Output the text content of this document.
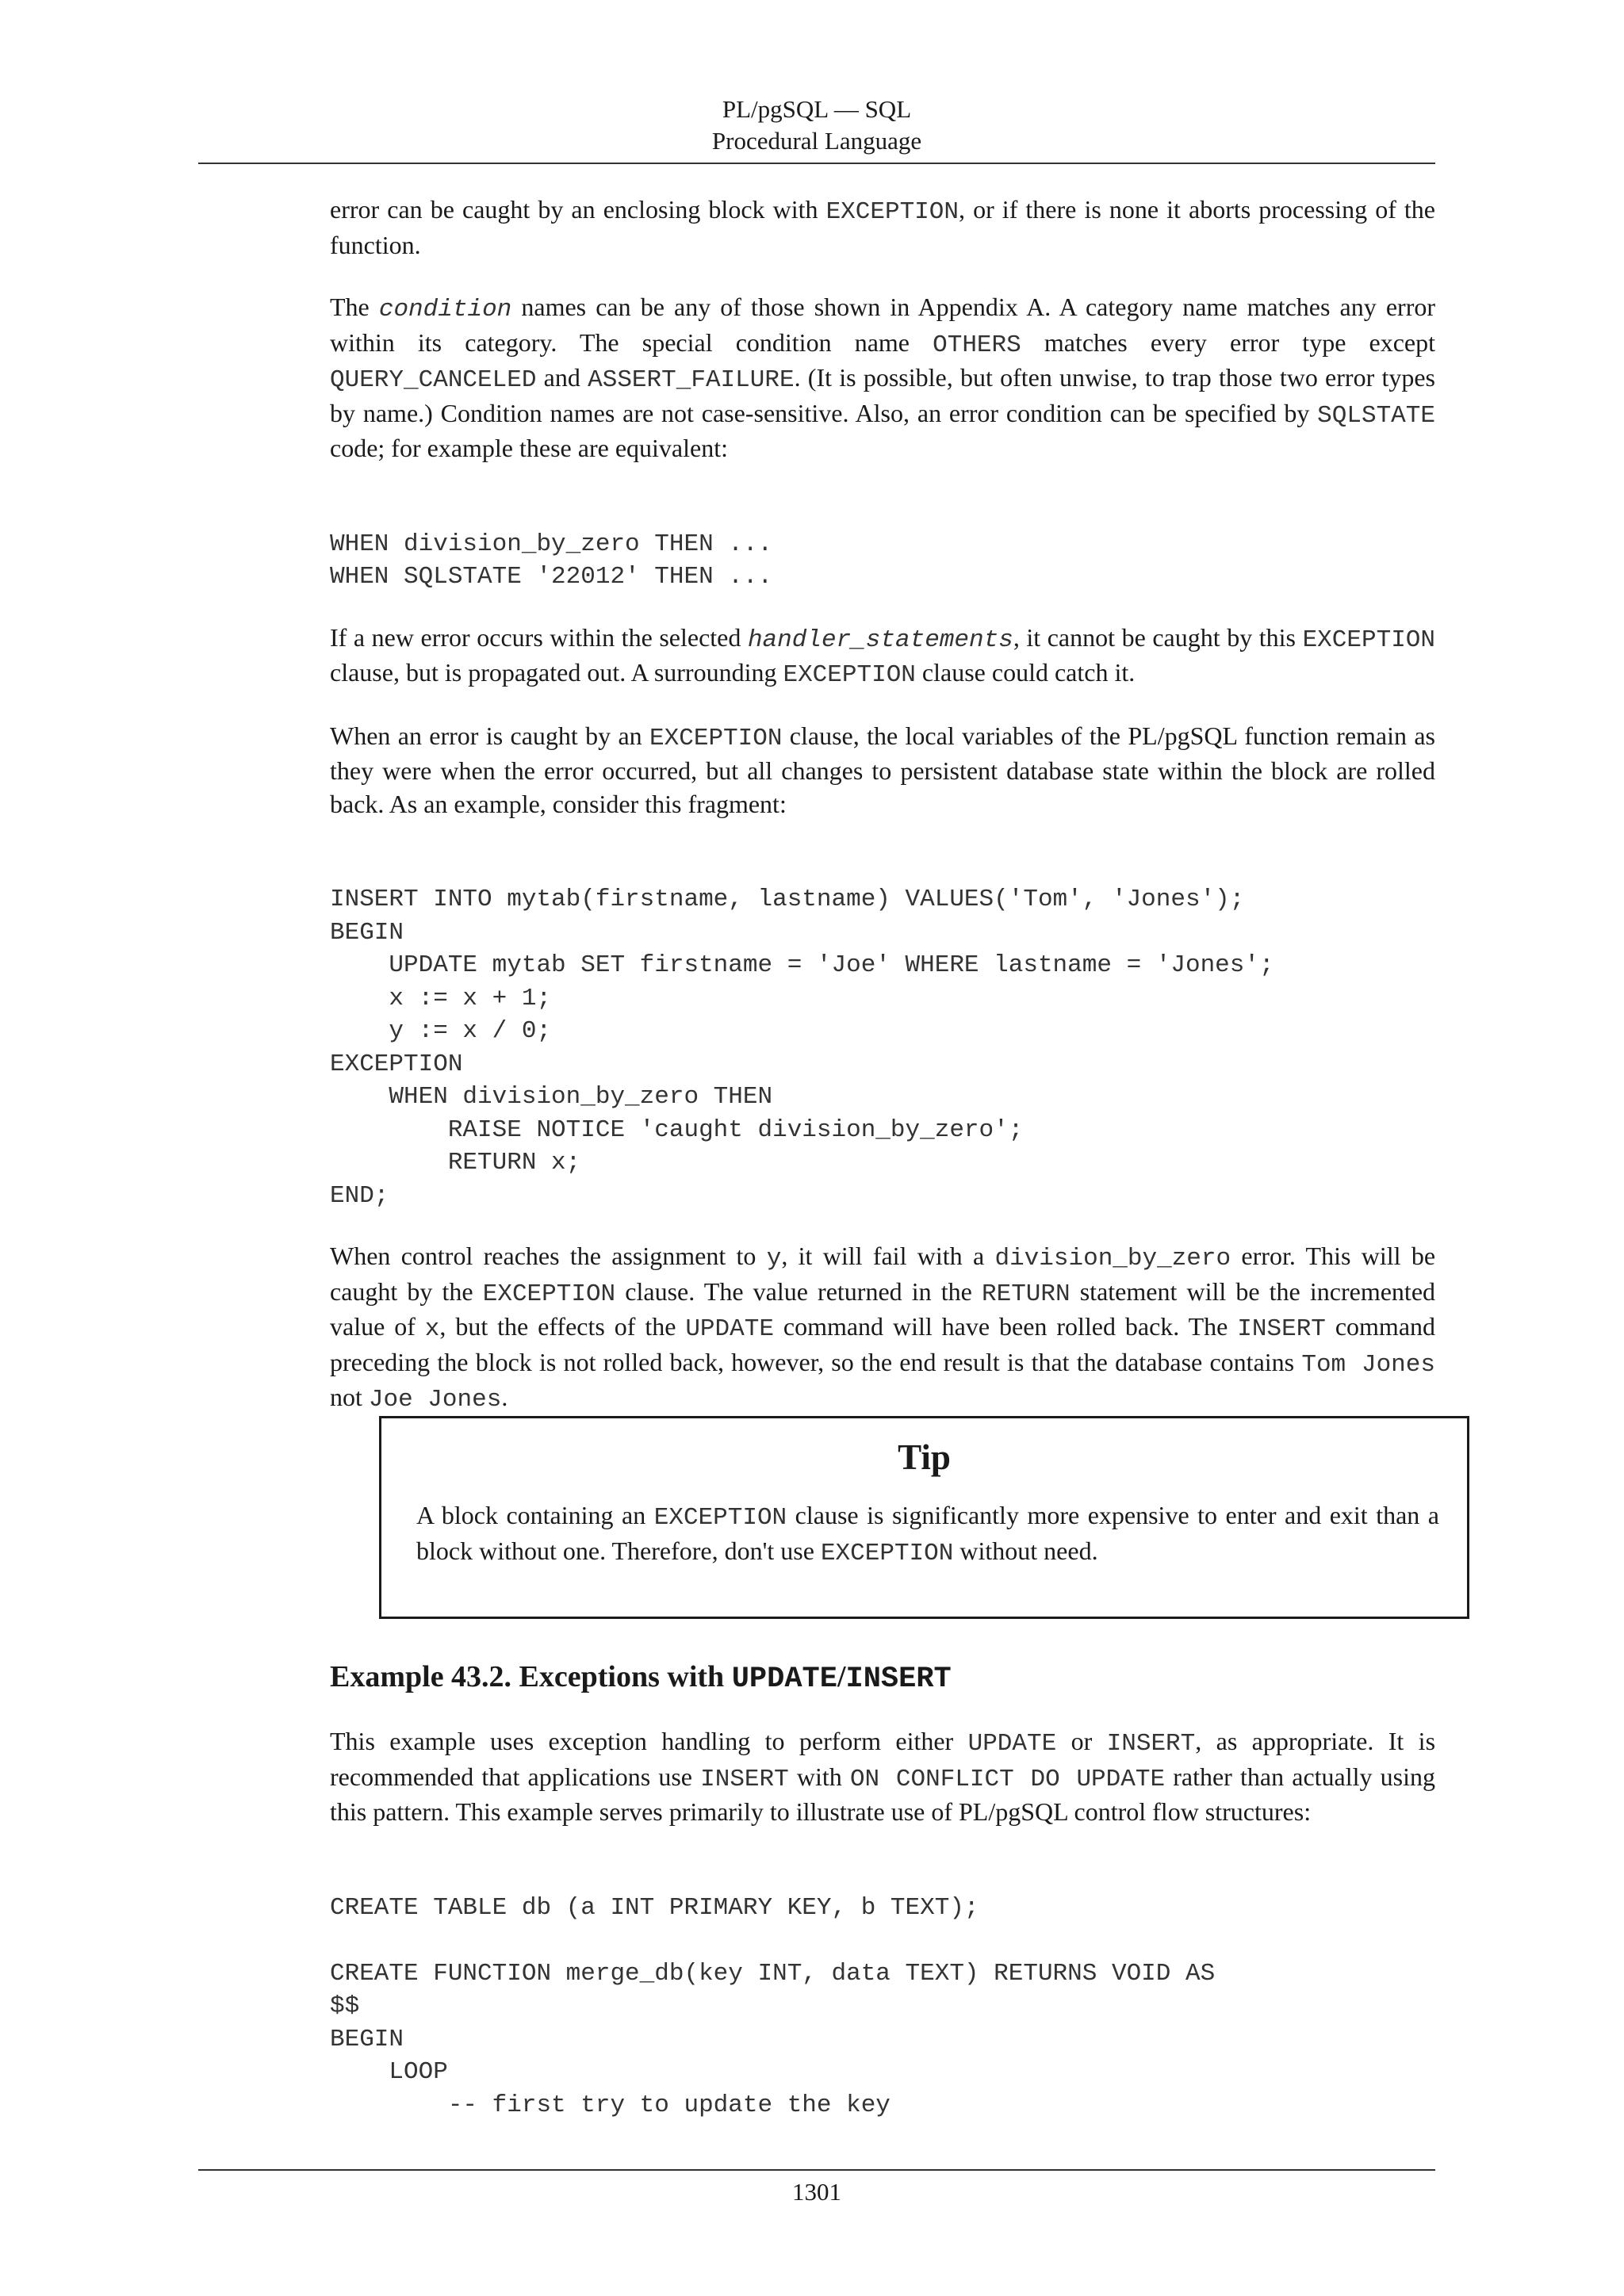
PL/pgSQL — SQL
Procedural Language

error can be caught by an enclosing block with EXCEPTION, or if there is none it aborts processing of the function.

The condition names can be any of those shown in Appendix A. A category name matches any error within its category. The special condition name OTHERS matches every error type except QUERY_CANCELED and ASSERT_FAILURE. (It is possible, but often unwise, to trap those two error types by name.) Condition names are not case-sensitive. Also, an error condition can be specified by SQLSTATE code; for example these are equivalent:

WHEN division_by_zero THEN ...
WHEN SQLSTATE '22012' THEN ...

If a new error occurs within the selected handler_statements, it cannot be caught by this EXCEPTION clause, but is propagated out. A surrounding EXCEPTION clause could catch it.

When an error is caught by an EXCEPTION clause, the local variables of the PL/pgSQL function remain as they were when the error occurred, but all changes to persistent database state within the block are rolled back. As an example, consider this fragment:

INSERT INTO mytab(firstname, lastname) VALUES('Tom', 'Jones');
BEGIN
UPDATE mytab SET firstname = 'Joe' WHERE lastname = 'Jones';
x := x + 1;
y := x / 0;
EXCEPTION
WHEN division_by_zero THEN
RAISE NOTICE 'caught division_by_zero';
RETURN x;
END;

When control reaches the assignment to y, it will fail with a division_by_zero error. This will be caught by the EXCEPTION clause. The value returned in the RETURN statement will be the incremented value of x, but the effects of the UPDATE command will have been rolled back. The INSERT command preceding the block is not rolled back, however, so the end result is that the database contains Tom Jones not Joe Jones.

Tip

A block containing an EXCEPTION clause is significantly more expensive to enter and exit than a block without one. Therefore, don't use EXCEPTION without need.

Example 43.2. Exceptions with UPDATE/INSERT

This example uses exception handling to perform either UPDATE or INSERT, as appropriate. It is recommended that applications use INSERT with ON CONFLICT DO UPDATE rather than actually using this pattern. This example serves primarily to illustrate use of PL/pgSQL control flow structures:

CREATE TABLE db (a INT PRIMARY KEY, b TEXT);

CREATE FUNCTION merge_db(key INT, data TEXT) RETURNS VOID AS
$$
BEGIN
LOOP
-- first try to update the key
1301
